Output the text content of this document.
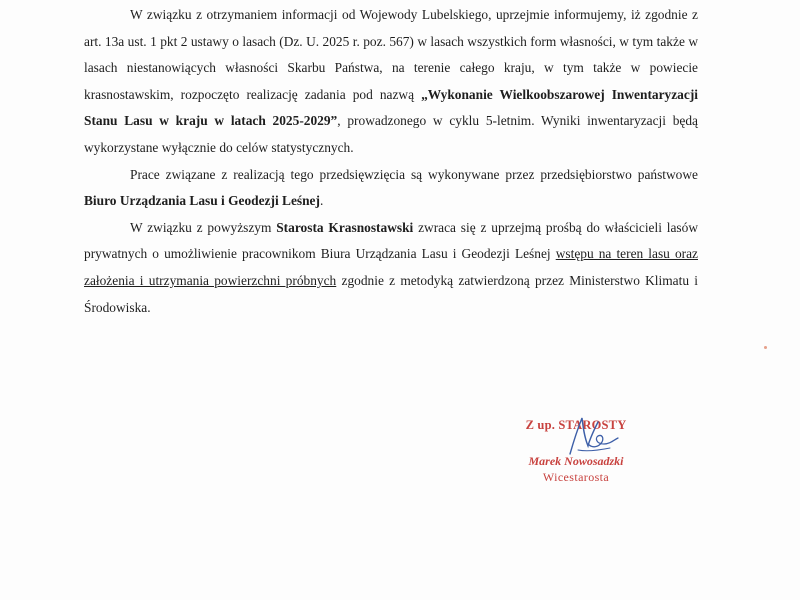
W związku z otrzymaniem informacji od Wojewody Lubelskiego, uprzejmie informujemy, iż zgodnie z art. 13a ust. 1 pkt 2 ustawy o lasach (Dz. U. 2025 r. poz. 567) w lasach wszystkich form własności, w tym także w lasach niestanowiących własności Skarbu Państwa, na terenie całego kraju, w tym także w powiecie krasnostawskim, rozpoczęto realizację zadania pod nazwą „Wykonanie Wielkoobszarowej Inwentaryzacji Stanu Lasu w kraju w latach 2025-2029”, prowadzonego w cyklu 5-letnim. Wyniki inwentaryzacji będą wykorzystane wyłącznie do celów statystycznych.

Prace związane z realizacją tego przedsięwzięcia są wykonywane przez przedsiębiorstwo państwowe Biuro Urządzania Lasu i Geodezji Leśnej.

W związku z powyższym Starosta Krasnostawski zwraca się z uprzejmą prośbą do właścicieli lasów prywatnych o umożliwienie pracownikom Biura Urządzania Lasu i Geodezji Leśnej wstępu na teren lasu oraz założenia i utrzymania powierzchni próbnych zgodnie z metodyką zatwierdzoną przez Ministerstwo Klimatu i Środowiska.

Z up. STAROSTY
Marek Nowosadzki
Wicestarosta
